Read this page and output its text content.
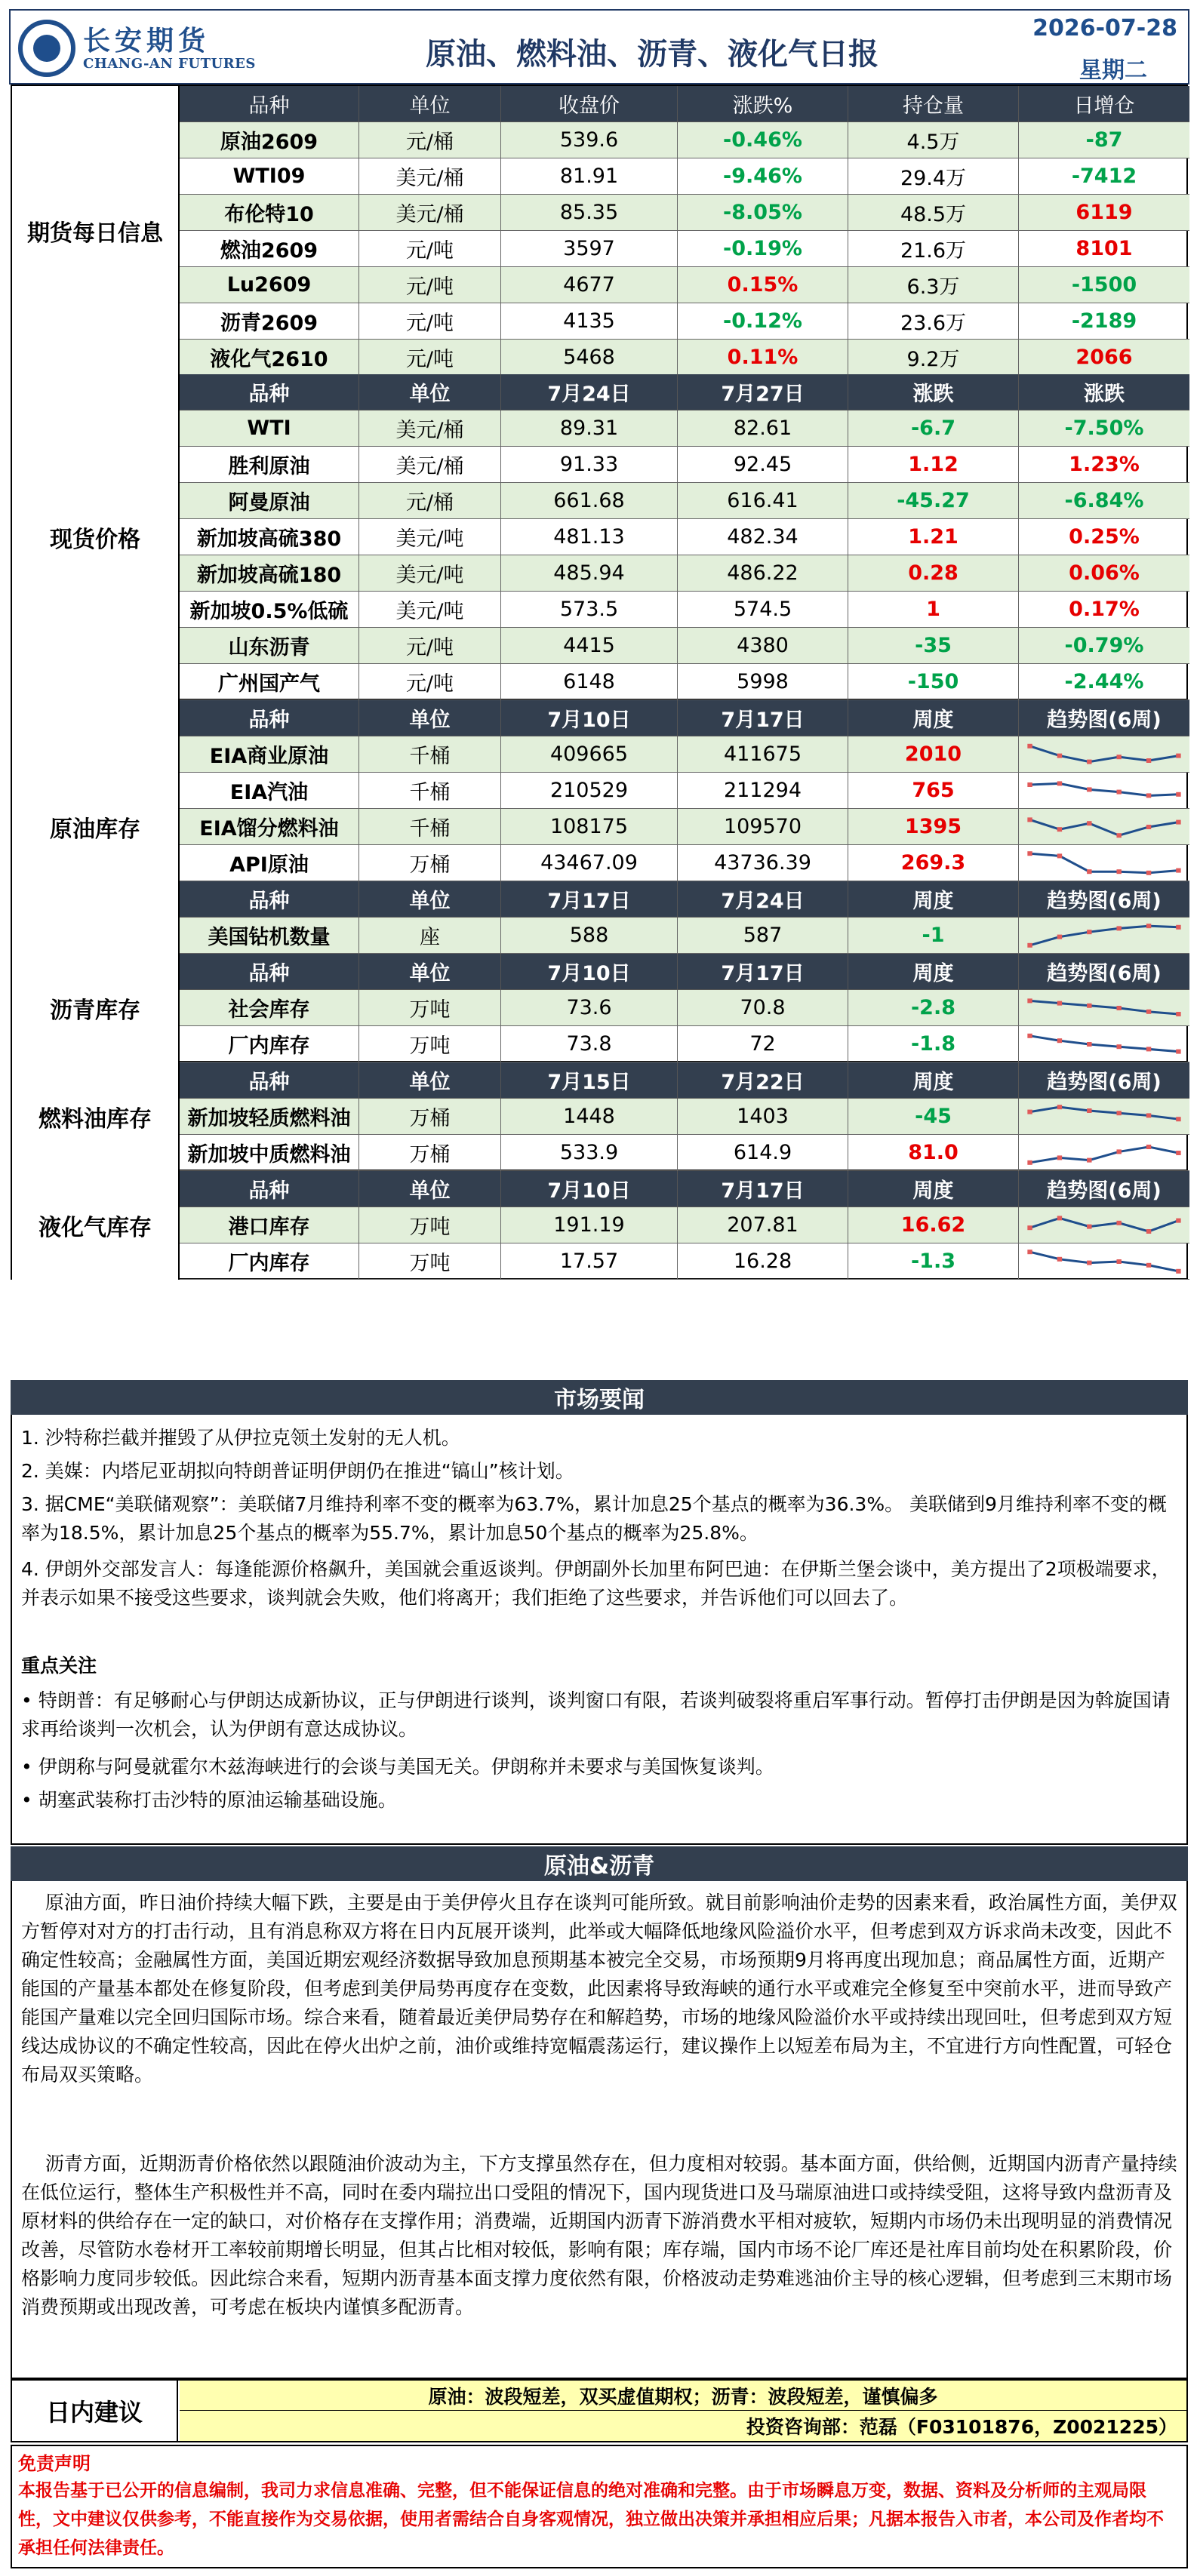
长安期货
CHANG-AN FUTURES	原油、燃料油、沥青、液化气日报
2026-07-28
星期二
期货每日信息
品种	单位	收盘价	涨跌%	持仓量	日增仓
原油2609	元/桶	539.6	-0.46%	4.5万	-87
WTI09	美元/桶	81.91	-9.46%	29.4万	-7412
布伦特10	美元/桶	85.35	-8.05%	48.5万	6119
燃油2609	元/吨	3597	-0.19%	21.6万	8101
Lu2609	元/吨	4677	0.15%	6.3万	-1500
沥青2609	元/吨	4135	-0.12%	23.6万	-2189
液化气2610	元/吨	5468	0.11%	9.2万	2066
现货价格
品种	单位	7月24日	7月27日	涨跌	涨跌
WTI	美元/桶	89.31	82.61	-6.7	-7.50%
胜利原油	美元/桶	91.33	92.45	1.12	1.23%
阿曼原油	元/桶	661.68	616.41	-45.27	-6.84%
新加坡高硫380	美元/吨	481.13	482.34	1.21	0.25%
新加坡高硫180	美元/吨	485.94	486.22	0.28	0.06%
新加坡0.5%低硫	美元/吨	573.5	574.5	1	0.17%
山东沥青	元/吨	4415	4380	-35	-0.79%
广州国产气	元/吨	6148	5998	-150	-2.44%
原油库存
品种	单位	7月10日	7月17日	周度	趋势图(6周)
EIA商业原油	千桶	409665	411675	2010
EIA汽油	千桶	210529	211294	765
EIA馏分燃料油	千桶	108175	109570	1395
API原油	万桶	43467.09	43736.39	269.3
品种	单位	7月17日	7月24日	周度	趋势图(6周)
美国钻机数量	座	588	587	-1
沥青库存
品种	单位	7月10日	7月17日	周度	趋势图(6周)
社会库存	万吨	73.6	70.8	-2.8
厂内库存	万吨	73.8	72	-1.8
燃料油库存
品种	单位	7月15日	7月22日	周度	趋势图(6周)
新加坡轻质燃料油	万桶	1448	1403	-45
新加坡中质燃料油	万桶	533.9	614.9	81.0
液化气库存
品种	单位	7月10日	7月17日	周度	趋势图(6周)
港口库存	万吨	191.19	207.81	16.62
厂内库存	万吨	17.57	16.28	-1.3
市场要闻
1. 沙特称拦截并摧毁了从伊拉克领土发射的无人机。
2. 美媒：内塔尼亚胡拟向特朗普证明伊朗仍在推进“镐山”核计划。
3. 据CME“美联储观察”：美联储7月维持利率不变的概率为63.7%，累计加息25个基点的概率为36.3%。 美联储到9月维持利率不变的概率为18.5%，累计加息25个基点的概率为55.7%，累计加息50个基点的概率为25.8%。
4. 伊朗外交部发言人：每逢能源价格飙升，美国就会重返谈判。伊朗副外长加里布阿巴迪：在伊斯兰堡会谈中，美方提出了2项极端要求，并表示如果不接受这些要求，谈判就会失败，他们将离开；我们拒绝了这些要求，并告诉他们可以回去了。
重点关注
• 特朗普：有足够耐心与伊朗达成新协议，正与伊朗进行谈判，谈判窗口有限，若谈判破裂将重启军事行动。暂停打击伊朗是因为斡旋国请求再给谈判一次机会，认为伊朗有意达成协议。
• 伊朗称与阿曼就霍尔木兹海峡进行的会谈与美国无关。伊朗称并未要求与美国恢复谈判。
• 胡塞武装称打击沙特的原油运输基础设施。
原油&沥青
原油方面，昨日油价持续大幅下跌，主要是由于美伊停火且存在谈判可能所致。就目前影响油价走势的因素来看，政治属性方面，美伊双方暂停对对方的打击行动，且有消息称双方将在日内瓦展开谈判，此举或大幅降低地缘风险溢价水平，但考虑到双方诉求尚未改变，因此不确定性较高；金融属性方面，美国近期宏观经济数据导致加息预期基本被完全交易，市场预期9月将再度出现加息；商品属性方面，近期产能国的产量基本都处在修复阶段，但考虑到美伊局势再度存在变数，此因素将导致海峡的通行水平或难完全修复至中突前水平，进而导致产能国产量难以完全回归国际市场。综合来看，随着最近美伊局势存在和解趋势，市场的地缘风险溢价水平或持续出现回吐，但考虑到双方短线达成协议的不确定性较高，因此在停火出炉之前，油价或维持宽幅震荡运行，建议操作上以短差布局为主，不宜进行方向性配置，可轻仓布局双买策略。
沥青方面，近期沥青价格依然以跟随油价波动为主，下方支撑虽然存在，但力度相对较弱。基本面方面，供给侧，近期国内沥青产量持续在低位运行，整体生产积极性并不高，同时在委内瑞拉出口受阻的情况下，国内现货进口及马瑞原油进口或持续受阻，这将导致内盘沥青及原材料的供给存在一定的缺口，对价格存在支撑作用；消费端，近期国内沥青下游消费水平相对疲软，短期内市场仍未出现明显的消费情况改善，尽管防水卷材开工率较前期增长明显，但其占比相对较低，影响有限；库存端，国内市场不论厂库还是社库目前均处在积累阶段，价格影响力度同步较低。因此综合来看，短期内沥青基本面支撑力度依然有限，价格波动走势难逃油价主导的核心逻辑，但考虑到三末期市场消费预期或出现改善，可考虑在板块内谨慎多配沥青。
日内建议
原油：波段短差，双买虚值期权；沥青：波段短差，谨慎偏多
投资咨询部：范磊（F03101876，Z0021225）
免责声明
本报告基于已公开的信息编制，我司力求信息准确、完整，但不能保证信息的绝对准确和完整。由于市场瞬息万变，数据、资料及分析师的主观局限性，文中建议仅供参考，不能直接作为交易依据，使用者需结合自身客观情况，独立做出决策并承担相应后果；凡据本报告入市者，本公司及作者均不承担任何法律责任。
